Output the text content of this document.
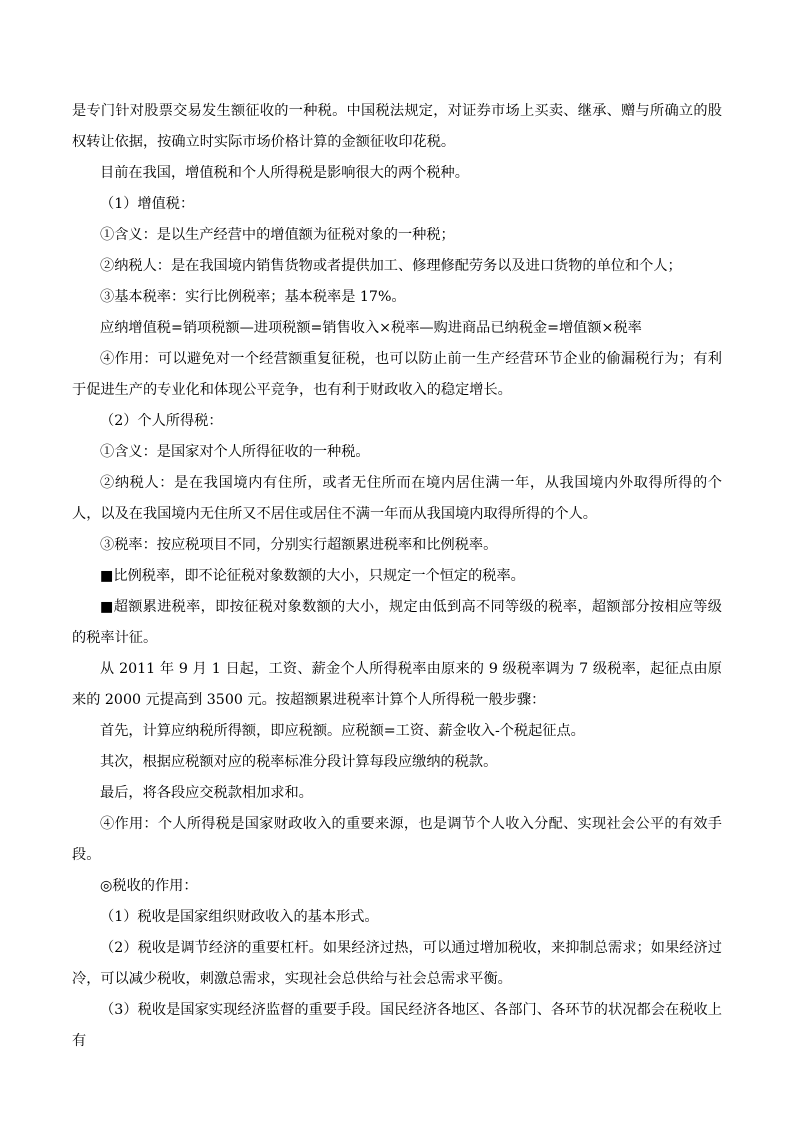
是专门针对股票交易发生额征收的一种税。中国税法规定，对证券市场上买卖、继承、赠与所确立的股权转让依据，按确立时实际市场价格计算的金额征收印花税。

目前在我国，增值税和个人所得税是影响很大的两个税种。

（1）增值税：

①含义：是以生产经营中的增值额为征税对象的一种税；

②纳税人：是在我国境内销售货物或者提供加工、修理修配劳务以及进口货物的单位和个人；

③基本税率：实行比例税率；基本税率是 17%。

应纳增值税=销项税额—进项税额=销售收入×税率—购进商品已纳税金=增值额×税率

④作用：可以避免对一个经营额重复征税，也可以防止前一生产经营环节企业的偷漏税行为；有利于促进生产的专业化和体现公平竞争，也有利于财政收入的稳定增长。

（2）个人所得税：

①含义：是国家对个人所得征收的一种税。

②纳税人：是在我国境内有住所，或者无住所而在境内居住满一年，从我国境内外取得所得的个人，以及在我国境内无住所又不居住或居住不满一年而从我国境内取得所得的个人。

③税率：按应税项目不同，分别实行超额累进税率和比例税率。

■比例税率，即不论征税对象数额的大小，只规定一个恒定的税率。

■超额累进税率，即按征税对象数额的大小，规定由低到高不同等级的税率，超额部分按相应等级的税率计征。

从 2011 年 9 月 1 日起，工资、薪金个人所得税率由原来的 9 级税率调为 7 级税率，起征点由原来的 2000 元提高到 3500 元。按超额累进税率计算个人所得税一般步骤：

首先，计算应纳税所得额，即应税额。应税额=工资、薪金收入-个税起征点。

其次，根据应税额对应的税率标准分段计算每段应缴纳的税款。

最后，将各段应交税款相加求和。

④作用：个人所得税是国家财政收入的重要来源，也是调节个人收入分配、实现社会公平的有效手段。

◎税收的作用：

（1）税收是国家组织财政收入的基本形式。

（2）税收是调节经济的重要杠杆。如果经济过热，可以通过增加税收，来抑制总需求；如果经济过冷，可以减少税收，刺激总需求，实现社会总供给与社会总需求平衡。

（3）税收是国家实现经济监督的重要手段。国民经济各地区、各部门、各环节的状况都会在税收上有
